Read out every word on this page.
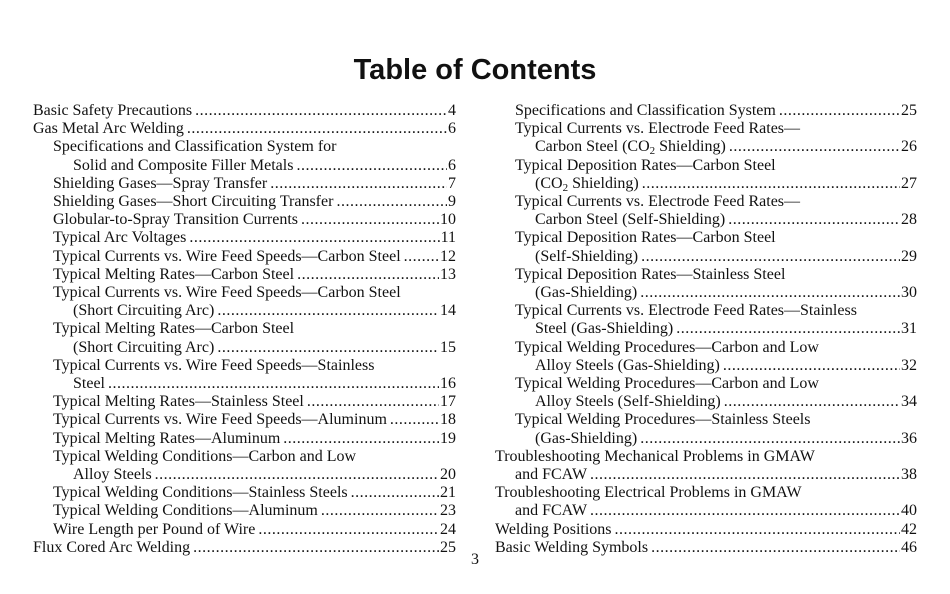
Table of Contents
Basic Safety Precautions .....	4
Gas Metal Arc Welding .....	6
Specifications and Classification System for
Solid and Composite Filler Metals .....	6
Shielding Gases—Spray Transfer .....	7
Shielding Gases—Short Circuiting Transfer .....	9
Globular-to-Spray Transition Currents .....	10
Typical Arc Voltages .....	11
Typical Currents vs. Wire Feed Speeds—Carbon Steel ..... 12
Typical Melting Rates—Carbon Steel .....	13
Typical Currents vs. Wire Feed Speeds—Carbon Steel
(Short Circuiting Arc) .....	14
Typical Melting Rates—Carbon Steel
(Short Circuiting Arc) .....	15
Typical Currents vs. Wire Feed Speeds—Stainless
Steel .....	16
Typical Melting Rates—Stainless Steel .....	17
Typical Currents vs. Wire Feed Speeds—Aluminum .....	18
Typical Melting Rates—Aluminum .....	19
Typical Welding Conditions—Carbon and Low
Alloy Steels .....	20
Typical Welding Conditions—Stainless Steels .....	21
Typical Welding Conditions—Aluminum .....	23
Wire Length per Pound of Wire .....	24
Flux Cored Arc Welding .....	25
Specifications and Classification System .....	25
Typical Currents vs. Electrode Feed Rates—
Carbon Steel ($CO_2$ Shielding) .....	26
Typical Deposition Rates—Carbon Steel
($CO_2$ Shielding) .....	27
Typical Currents vs. Electrode Feed Rates—
Carbon Steel (Self-Shielding) .....	28
Typical Deposition Rates—Carbon Steel
(Self-Shielding) .....	29
Typical Deposition Rates—Stainless Steel
(Gas-Shielding) .....	30
Typical Currents vs. Electrode Feed Rates—Stainless
Steel (Gas-Shielding) .....	31
Typical Welding Procedures—Carbon and Low
Alloy Steels (Gas-Shielding) .....	32
Typical Welding Procedures—Carbon and Low
Alloy Steels (Self-Shielding) .....	34
Typical Welding Procedures—Stainless Steels
(Gas-Shielding) .....	36
Troubleshooting Mechanical Problems in GMAW
and FCAW .....	38
Troubleshooting Electrical Problems in GMAW
and FCAW .....	40
Welding Positions .....	42
Basic Welding Symbols .....	46
3
